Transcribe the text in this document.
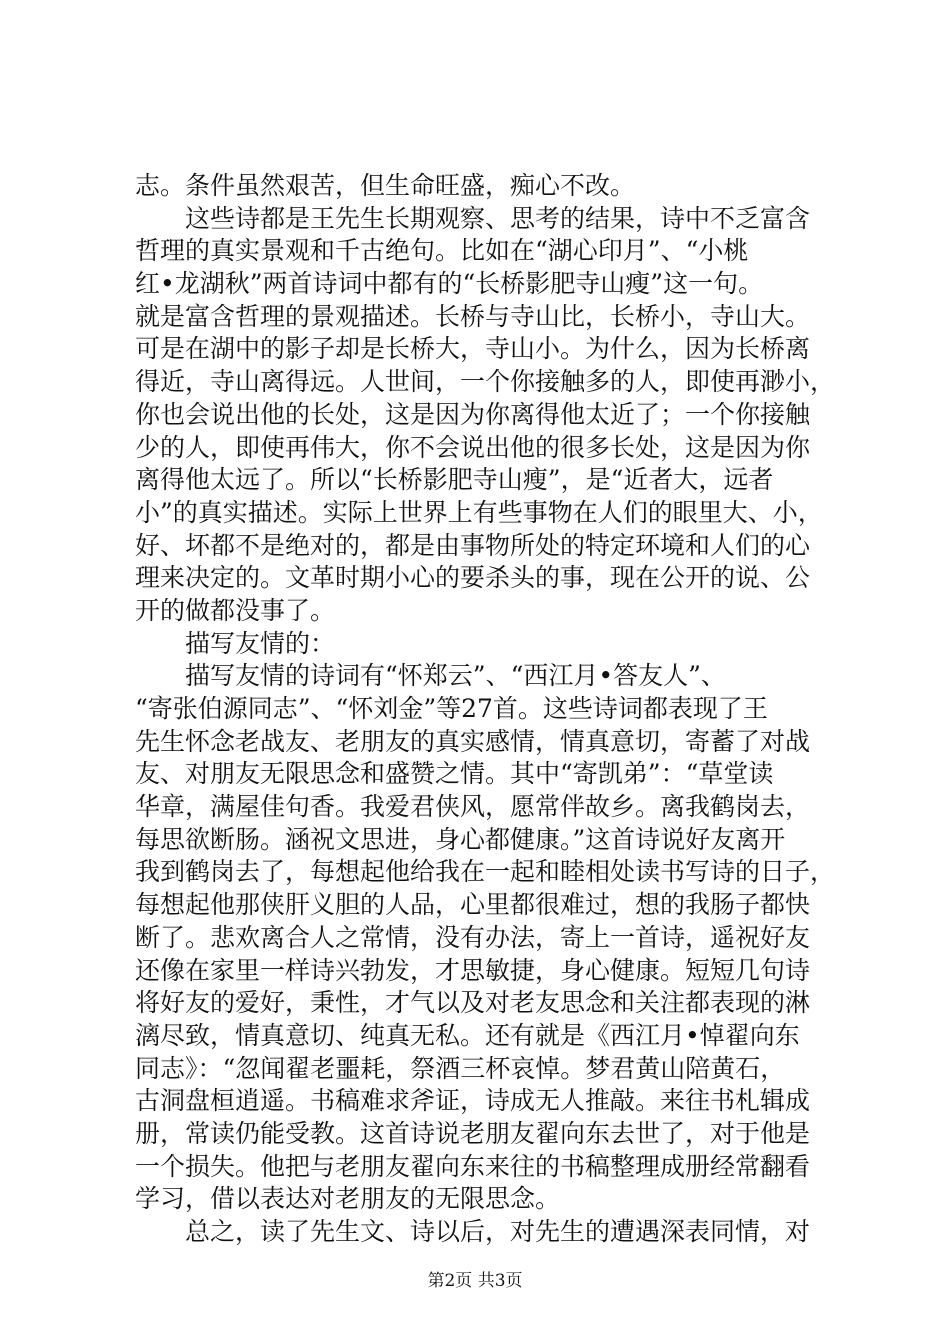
志。条件虽然艰苦，但生命旺盛，痴心不改。
这些诗都是王先生长期观察、思考的结果，诗中不乏富含
哲理的真实景观和千古绝句。比如在“湖心印月”、“小桃
红•龙湖秋”两首诗词中都有的“长桥影肥寺山瘦”这一句。
就是富含哲理的景观描述。长桥与寺山比，长桥小，寺山大。
可是在湖中的影子却是长桥大，寺山小。为什么，因为长桥离
得近，寺山离得远。人世间，一个你接触多的人，即使再渺小，
你也会说出他的长处，这是因为你离得他太近了；一个你接触
少的人，即使再伟大，你不会说出他的很多长处，这是因为你
离得他太远了。所以“长桥影肥寺山瘦”，是“近者大，远者
小”的真实描述。实际上世界上有些事物在人们的眼里大、小，
好、坏都不是绝对的，都是由事物所处的特定环境和人们的心
理来决定的。文革时期小心的要杀头的事，现在公开的说、公
开的做都没事了。
描写友情的：
描写友情的诗词有“怀郑云”、“西江月•答友人”、
“寄张伯源同志”、“怀刘金”等27首。这些诗词都表现了王
先生怀念老战友、老朋友的真实感情，情真意切，寄蓄了对战
友、对朋友无限思念和盛赞之情。其中“寄凯弟”：“草堂读
华章，满屋佳句香。我爱君侠风，愿常伴故乡。离我鹤岗去，
每思欲断肠。涵祝文思进，身心都健康。”这首诗说好友离开
我到鹤岗去了，每想起他给我在一起和睦相处读书写诗的日子，
每想起他那侠肝义胆的人品，心里都很难过，想的我肠子都快
断了。悲欢离合人之常情，没有办法，寄上一首诗，遥祝好友
还像在家里一样诗兴勃发，才思敏捷，身心健康。短短几句诗
将好友的爱好，秉性，才气以及对老友思念和关注都表现的淋
漓尽致，情真意切、纯真无私。还有就是《西江月•悼翟向东
同志》：“忽闻翟老噩耗，祭酒三杯哀悼。梦君黄山陪黄石，
古洞盘桓逍遥。书稿难求斧证，诗成无人推敲。来往书札辑成
册，常读仍能受教。这首诗说老朋友翟向东去世了，对于他是
一个损失。他把与老朋友翟向东来往的书稿整理成册经常翻看
学习，借以表达对老朋友的无限思念。
总之，读了先生文、诗以后，对先生的遭遇深表同情，对
第2页 共3页
